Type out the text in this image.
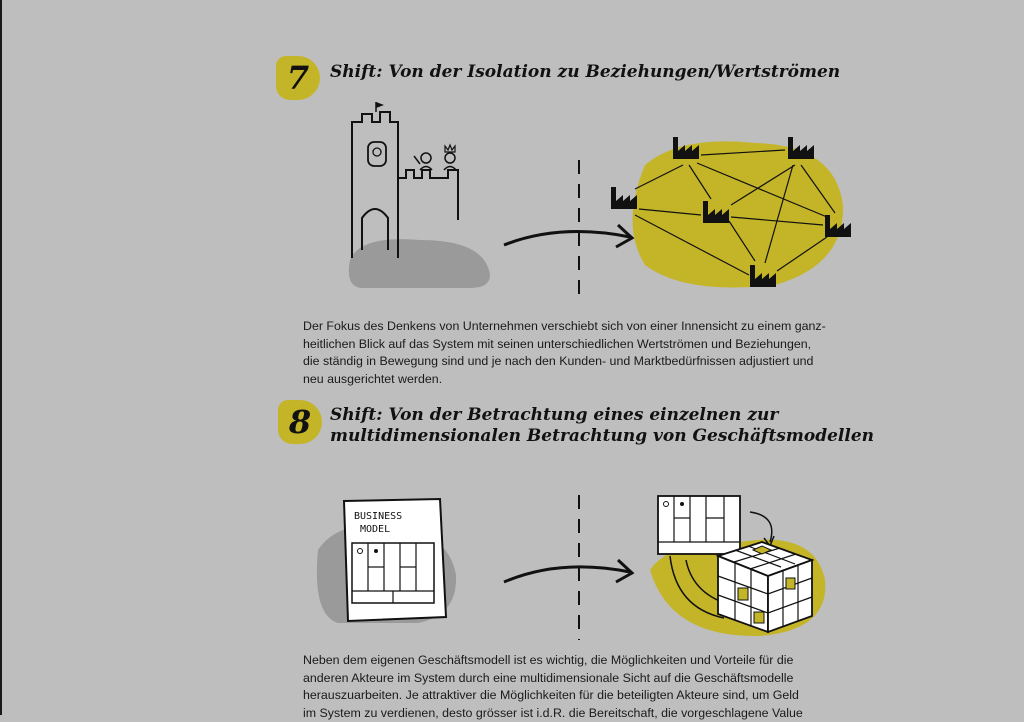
7	Shift: Von der Isolation zu Beziehungen/Wertströmen
Der Fokus des Denkens von Unternehmen verschiebt sich von einer Innensicht zu einem ganz-
heitlichen Blick auf das System mit seinen unterschiedlichen Wertströmen und Beziehungen,
die ständig in Bewegung sind und je nach den Kunden- und Marktbedürfnissen adjustiert und
neu ausgerichtet werden.
8	Shift: Von der Betrachtung eines einzelnen zur
multidimensionalen Betrachtung von Geschäftsmodellen
BUSINESS
MODEL
Neben dem eigenen Geschäftsmodell ist es wichtig, die Möglichkeiten und Vorteile für die
anderen Akteure im System durch eine multidimensionale Sicht auf die Geschäftsmodelle
herauszuarbeiten. Je attraktiver die Möglichkeiten für die beteiligten Akteure sind, um Geld
im System zu verdienen, desto grösser ist i.d.R. die Bereitschaft, die vorgeschlagene Value
